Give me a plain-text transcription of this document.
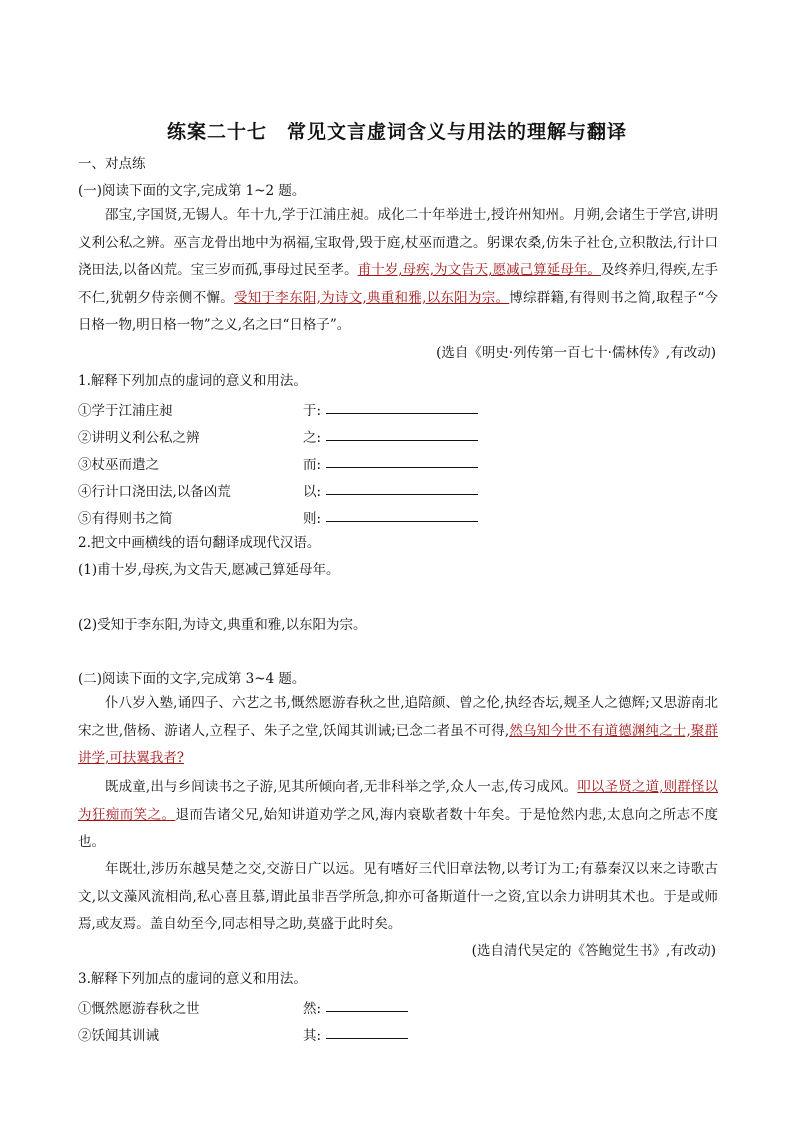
练案二十七　常见文言虚词含义与用法的理解与翻译
一、对点练
(一)阅读下面的文字,完成第 1~2 题。
邵宝,字国贤,无锡人。年十九,学于江浦庄昶。成化二十年举进士,授许州知州。月朔,会诸生于学宫,讲明义利公私之辨。巫言龙骨出地中为祸福,宝取骨,毁于庭,杖巫而遣之。躬课农桑,仿朱子社仓,立积散法,行计口浇田法,以备凶荒。宝三岁而孤,事母过民至孝。甫十岁,母疾,为文告天,愿减己算延母年。及终养归,得疾,左手不仁,犹朝夕侍亲侧不懈。受知于李东阳,为诗文,典重和雅,以东阳为宗。博综群籍,有得则书之简,取程子“今日格一物,明日格一物”之义,名之曰“日格子”。
(选自《明史·列传第一百七十·儒林传》,有改动)
1.解释下列加点的虚词的意义和用法。
①学于江浦庄昶	于:
②讲明义利公私之辨	之:
③杖巫而遣之	而:
④行计口浇田法,以备凶荒	以:
⑤有得则书之简	则:
2.把文中画横线的语句翻译成现代汉语。
(1)甫十岁,母疾,为文告天,愿减己算延母年。
(2)受知于李东阳,为诗文,典重和雅,以东阳为宗。
(二)阅读下面的文字,完成第 3~4 题。
仆八岁入塾,诵四子、六艺之书,慨然愿游春秋之世,追陪颜、曾之伦,执经杏坛,觌圣人之德辉;又思游南北宋之世,偕杨、游诸人,立程子、朱子之堂,饫闻其训诫;已念二者虽不可得,然乌知今世不有道德渊纯之士,聚群讲学,可扶翼我者?
既成童,出与乡闾读书之子游,见其所倾向者,无非科举之学,众人一志,传习成风。叩以圣贤之道,则群怪以为狂痴而笑之。退而告诸父兄,始知讲道劝学之风,海内衰歇者数十年矣。于是怆然内悲,太息向之所志不度也。
年既壮,涉历东越吴楚之交,交游日广以远。见有嗜好三代旧章法物,以考订为工;有慕秦汉以来之诗歌古文,以文藻风流相尚,私心喜且慕,谓此虽非吾学所急,抑亦可备斯道什一之资,宜以余力讲明其术也。于是或师焉,或友焉。盖自幼至今,同志相导之助,莫盛于此时矣。
(选自清代吴定的《答鲍觉生书》,有改动)
3.解释下列加点的虚词的意义和用法。
①慨然愿游春秋之世	然:
②饫闻其训诫	其:
